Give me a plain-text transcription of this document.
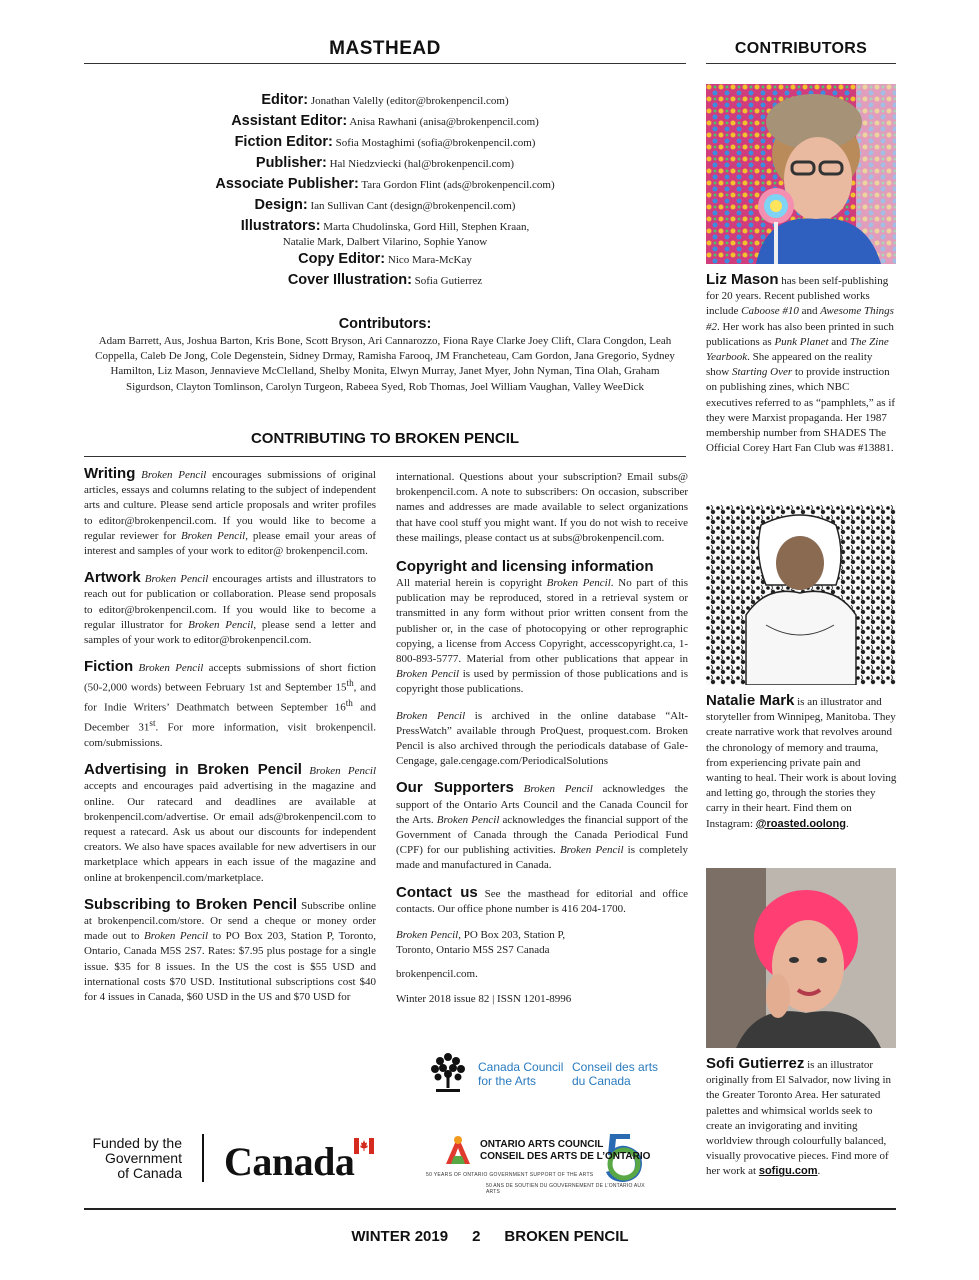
MASTHEAD	CONTRIBUTORS
Editor: Jonathan Valelly (editor@brokenpencil.com)
Assistant Editor: Anisa Rawhani (anisa@brokenpencil.com)
Fiction Editor: Sofia Mostaghimi (sofia@brokenpencil.com)
Publisher: Hal Niedzviecki (hal@brokenpencil.com)
Associate Publisher: Tara Gordon Flint (ads@brokenpencil.com)
Design: Ian Sullivan Cant (design@brokenpencil.com)
Illustrators: Marta Chudolinska, Gord Hill, Stephen Kraan,
Natalie Mark, Dalbert Vilarino, Sophie Yanow
Copy Editor: Nico Mara-McKay
Cover Illustration: Sofia Gutierrez
Contributors:
Adam Barrett, Aus, Joshua Barton, Kris Bone, Scott Bryson, Ari Cannarozzo, Fiona Raye Clarke Joey Clift, Clara Congdon, Leah Coppella, Caleb De Jong, Cole Degenstein, Sidney Drmay, Ramisha Farooq, JM Francheteau, Cam Gordon, Jana Gregorio, Sydney Hamilton, Liz Mason, Jennavieve McClelland, Shelby Monita, Elwyn Murray, Janet Myer, John Nyman, Tina Olah, Graham Sigurdson, Clayton Tomlinson, Carolyn Turgeon, Rabeea Syed, Rob Thomas, Joel William Vaughan, Valley WeeDick
CONTRIBUTING TO BROKEN PENCIL

Writing Broken Pencil encourages submissions of original articles, essays and columns relating to the subject of independent arts and culture. Please send article proposals and writer profiles to editor@brokenpencil.com. If you would like to become a regular reviewer for Broken Pencil, please email your areas of interest and samples of your work to editor@ brokenpencil.com.

Artwork Broken Pencil encourages artists and illustrators to reach out for publication or collaboration. Please send proposals to editor@brokenpencil.com. If you would like to become a regular illustrator for Broken Pencil, please send a letter and samples of your work to editor@brokenpencil.com.

Fiction Broken Pencil accepts submissions of short fiction (50-2,000 words) between February 1st and September 15th, and for Indie Writers’ Deathmatch between September 16th and December 31st. For more information, visit brokenpencil. com/submissions.

Advertising in Broken Pencil Broken Pencil accepts and encourages paid advertising in the magazine and online. Our ratecard and deadlines are available at brokenpencil.com/advertise. Or email ads@brokenpencil.com to request a ratecard. Ask us about our discounts for independent creators. We also have spaces available for new advertisers in our marketplace which appears in each issue of the magazine and online at brokenpencil.com/marketplace.

Subscribing to Broken Pencil Subscribe online at brokenpencil.com/store. Or send a cheque or money order made out to Broken Pencil to PO Box 203, Station P, Toronto, Ontario, Canada M5S 2S7. Rates: $7.95 plus postage for a single issue. $35 for 8 issues. In the US the cost is $55 USD and international costs $70 USD. Institutional subscriptions cost $40 for 4 issues in Canada, $60 USD in the US and $70 USD for

international. Questions about your subscription? Email subs@ brokenpencil.com. A note to subscribers: On occasion, subscriber names and addresses are made available to select organizations that have cool stuff you might want. If you do not wish to receive these mailings, please contact us at subs@brokenpencil.com.

Copyright and licensing information
All material herein is copyright Broken Pencil. No part of this publication may be reproduced, stored in a retrieval system or transmitted in any form without prior written consent from the publisher or, in the case of photocopying or other reprographic copying, a license from Access Copyright, accesscopyright.ca, 1-800-893-5777. Material from other publications that appear in Broken Pencil is used by permission of those publications and is copyright those publications.

Broken Pencil is archived in the online database “Alt-PressWatch” available through ProQuest, proquest.com. Broken Pencil is also archived through the periodicals database of Gale-Cengage, gale.cengage.com/PeriodicalSolutions

Our Supporters Broken Pencil acknowledges the support of the Ontario Arts Council and the Canada Council for the Arts. Broken Pencil acknowledges the financial support of the Government of Canada through the Canada Periodical Fund (CPF) for our publishing activities. Broken Pencil is completely made and manufactured in Canada.

Contact us See the masthead for editorial and office contacts. Our office phone number is 416 204-1700.

Broken Pencil, PO Box 203, Station P,
Toronto, Ontario M5S 2S7 Canada

brokenpencil.com.

Winter 2018 issue 82 | ISSN 1201-8996

Canada Council
for the Arts
Conseil des arts
du Canada
Funded by the
Government
of Canada Canada	ONTARIO ARTS COUNCIL
CONSEIL DES ARTS DE L’ONTARIO
50 YEARS OF ONTARIO GOVERNMENT SUPPORT OF THE ARTS
50 ANS DE SOUTIEN DU GOUVERNEMENT DE L’ONTARIO AUX ARTS
Liz Mason has been self-publishing for 20 years. Recent published works include Caboose #10 and Awesome Things #2. Her work has also been printed in such publications as Punk Planet and The Zine Yearbook. She appeared on the reality show Starting Over to provide instruction on publishing zines, which NBC executives referred to as “pamphlets,” as if they were Marxist propaganda. Her 1987 membership number from SHADES The Official Corey Hart Fan Club was #13881.
Natalie Mark is an illustrator and storyteller from Winnipeg, Manitoba. They create narrative work that revolves around the chronology of memory and trauma, from experiencing private pain and wanting to heal. Their work is about loving and letting go, through the stories they carry in their heart. Find them on Instagram: @roasted.oolong.
Sofi Gutierrez is an illustrator originally from El Salvador, now living in the Greater Toronto Area. Her saturated palettes and whimsical worlds seek to create an invigorating and inviting worldview through colourfully balanced, visually provocative pieces. Find more of her work at sofigu.com.
WINTER 2019 2 BROKEN PENCIL
